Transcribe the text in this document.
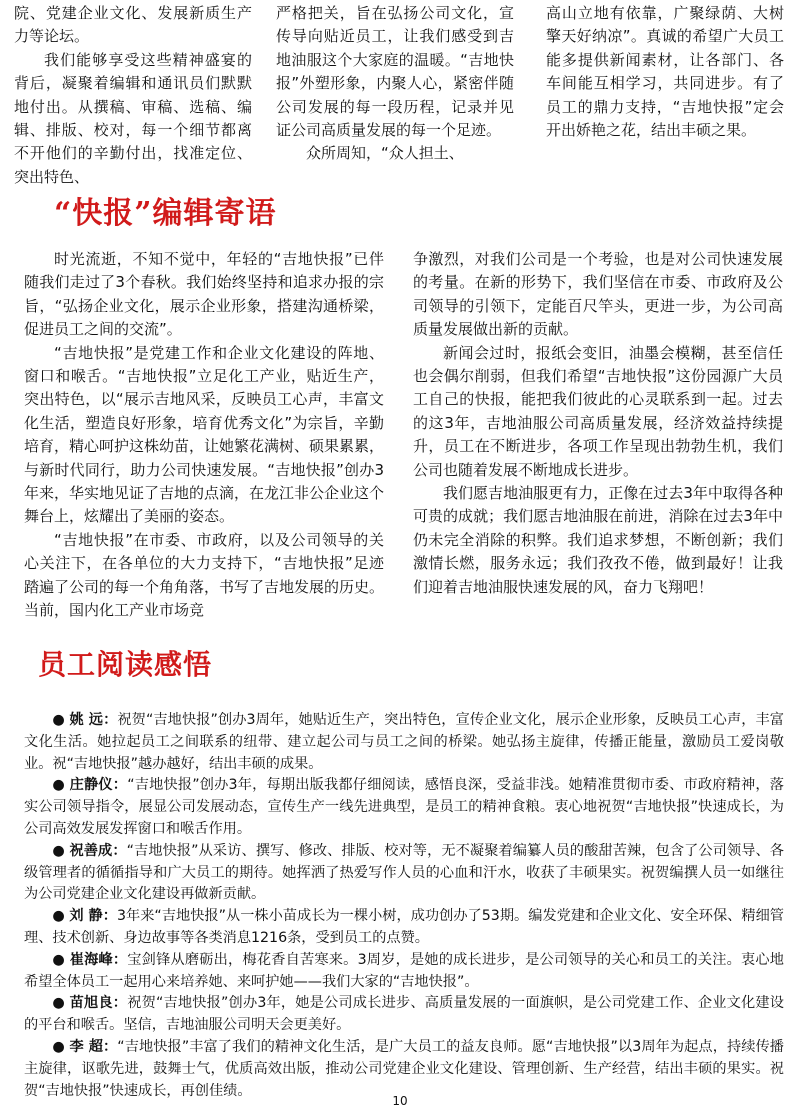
院、党建企业文化、发展新质生产力等论坛。

我们能够享受这些精神盛宴的背后，凝聚着编辑和通讯员们默默地付出。从撰稿、审稿、选稿、编辑、排版、校对，每一个细节都离不开他们的辛勤付出，找准定位、突出特色、

严格把关，旨在弘扬公司文化，宣传导向贴近员工，让我们感受到吉地油服这个大家庭的温暖。“吉地快报”外塑形象，内聚人心，紧密伴随公司发展的每一段历程，记录并见证公司高质量发展的每一个足迹。

众所周知，“众人担土、

高山立地有依靠，广聚绿荫、大树擎天好纳凉”。真诚的希望广大员工能多提供新闻素材，让各部门、各车间能互相学习，共同进步。有了员工的鼎力支持，“吉地快报”定会开出娇艳之花，结出丰硕之果。

“快报”编辑寄语

时光流逝，不知不觉中，年轻的“吉地快报”已伴随我们走过了3个春秋。我们始终坚持和追求办报的宗旨，“弘扬企业文化，展示企业形象，搭建沟通桥梁，促进员工之间的交流”。

“吉地快报”是党建工作和企业文化建设的阵地、窗口和喉舌。“吉地快报”立足化工产业，贴近生产，突出特色，以“展示吉地风采，反映员工心声，丰富文化生活，塑造良好形象，培育优秀文化”为宗旨，辛勤培育，精心呵护这株幼苗，让她繁花满树、硕果累累，与新时代同行，助力公司快速发展。“吉地快报”创办3年来，华实地见证了吉地的点滴，在龙江非公企业这个舞台上，炫耀出了美丽的姿态。

“吉地快报”在市委、市政府，以及公司领导的关心关注下，在各单位的大力支持下，“吉地快报”足迹踏遍了公司的每一个角角落，书写了吉地发展的历史。当前，国内化工产业市场竞

争激烈，对我们公司是一个考验，也是对公司快速发展的考量。在新的形势下，我们坚信在市委、市政府及公司领导的引领下，定能百尺竿头，更进一步，为公司高质量发展做出新的贡献。

新闻会过时，报纸会变旧，油墨会模糊，甚至信任也会偶尔削弱，但我们希望“吉地快报”这份园源广大员工自己的快报，能把我们彼此的心灵联系到一起。过去的这3年，吉地油服公司高质量发展，经济效益持续提升，员工在不断进步，各项工作呈现出勃勃生机，我们公司也随着发展不断地成长进步。

我们愿吉地油服更有力，正像在过去3年中取得各种可贵的成就；我们愿吉地油服在前进，消除在过去3年中仍未完全消除的积弊。我们追求梦想，不断创新；我们激情长燃，服务永远；我们孜孜不倦，做到最好！让我们迎着吉地油服快速发展的风，奋力飞翔吧！

员工阅读感悟

● 姚 远：祝贺“吉地快报”创办3周年，她贴近生产，突出特色，宣传企业文化，展示企业形象，反映员工心声，丰富文化生活。她拉起员工之间联系的纽带、建立起公司与员工之间的桥梁。她弘扬主旋律，传播正能量，激励员工爱岗敬业。祝“吉地快报”越办越好，结出丰硕的成果。

● 庄静仪：“吉地快报”创办3年，每期出版我都仔细阅读，感悟良深，受益非浅。她精准贯彻市委、市政府精神，落实公司领导指令，展显公司发展动态，宣传生产一线先进典型，是员工的精神食粮。衷心地祝贺“吉地快报”快速成长，为公司高效发展发挥窗口和喉舌作用。

● 祝善成：“吉地快报”从采访、撰写、修改、排版、校对等，无不凝聚着编纂人员的酸甜苦辣，包含了公司领导、各级管理者的循循指导和广大员工的期待。她挥洒了热爱写作人员的心血和汗水，收获了丰硕果实。祝贺编撰人员一如继往为公司党建企业文化建设再做新贡献。

● 刘 静：3年来“吉地快报”从一株小苗成长为一棵小树，成功创办了53期。编发党建和企业文化、安全环保、精细管理、技术创新、身边故事等各类消息1216条，受到员工的点赞。

● 崔海峰：宝剑锋从磨砺出，梅花香自苦寒来。3周岁，是她的成长进步，是公司领导的关心和员工的关注。衷心地希望全体员工一起用心来培养她、来呵护她——我们大家的“吉地快报”。

● 苗旭良：祝贺“吉地快报”创办3年，她是公司成长进步、高质量发展的一面旗帜，是公司党建工作、企业文化建设的平台和喉舌。坚信，吉地油服公司明天会更美好。

● 李 超：“吉地快报”丰富了我们的精神文化生活，是广大员工的益友良师。愿“吉地快报”以3周年为起点，持续传播主旋律，讴歌先进，鼓舞士气，优质高效出版，推动公司党建企业文化建设、管理创新、生产经营，结出丰硕的果实。祝贺“吉地快报”快速成长，再创佳绩。

10
